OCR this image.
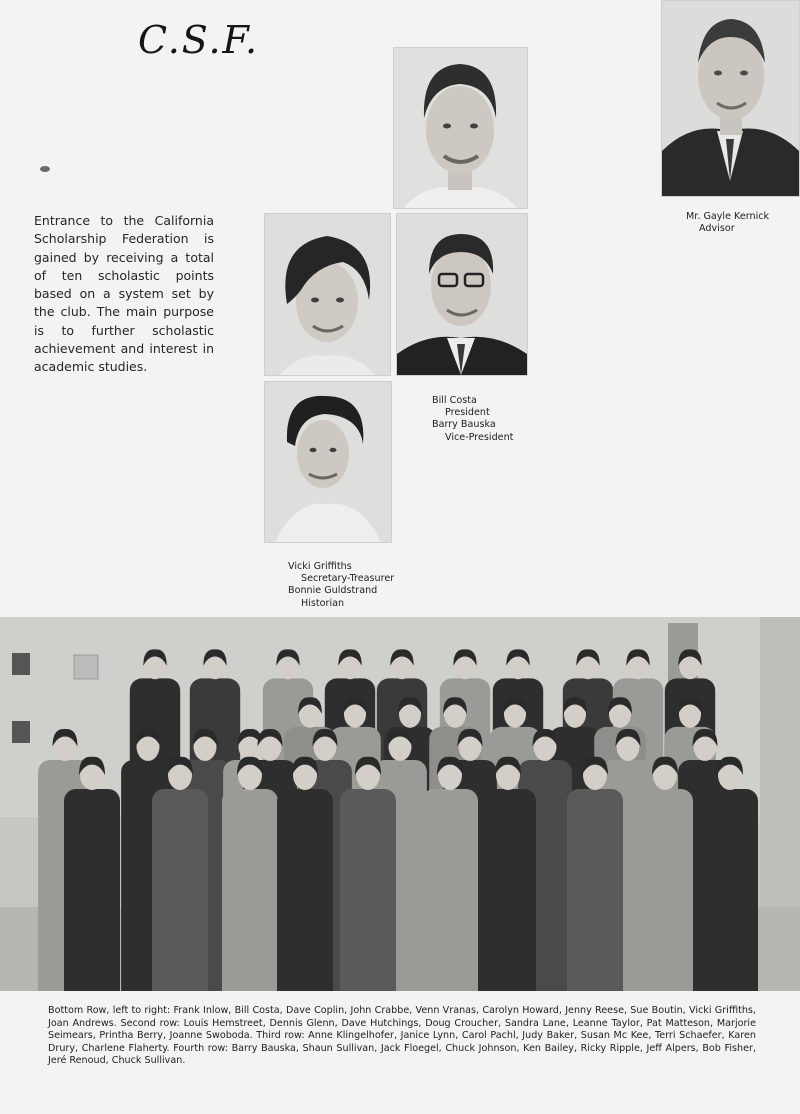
C.S.F.
Entrance to the California Scholarship Federation is gained by receiving a total of ten scholastic points based on a system set by the club. The main purpose is to further scholastic achievement and interest in academic studies.
Mr. Gayle Kernick
Advisor
Bill Costa
President
Barry Bauska
Vice-President
Vicki Griffiths
Secretary-Treasurer
Bonnie Guldstrand
Historian
Bottom Row, left to right: Frank Inlow, Bill Costa, Dave Coplin, John Crabbe, Venn Vranas, Carolyn Howard, Jenny Reese, Sue Boutin, Vicki Griffiths, Joan Andrews. Second row: Louis Hemstreet, Dennis Glenn, Dave Hutchings, Doug Croucher, Sandra Lane, Leanne Taylor, Pat Matteson, Marjorie Seimears, Printha Berry, Joanne Swoboda. Third row: Anne Klingelhofer, Janice Lynn, Carol Pachl, Judy Baker, Susan Mc Kee, Terri Schaefer, Karen Drury, Charlene Flaherty. Fourth row: Barry Bauska, Shaun Sullivan, Jack Floegel, Chuck Johnson, Ken Bailey, Ricky Ripple, Jeff Alpers, Bob Fisher, Jeré Renoud, Chuck Sullivan.
